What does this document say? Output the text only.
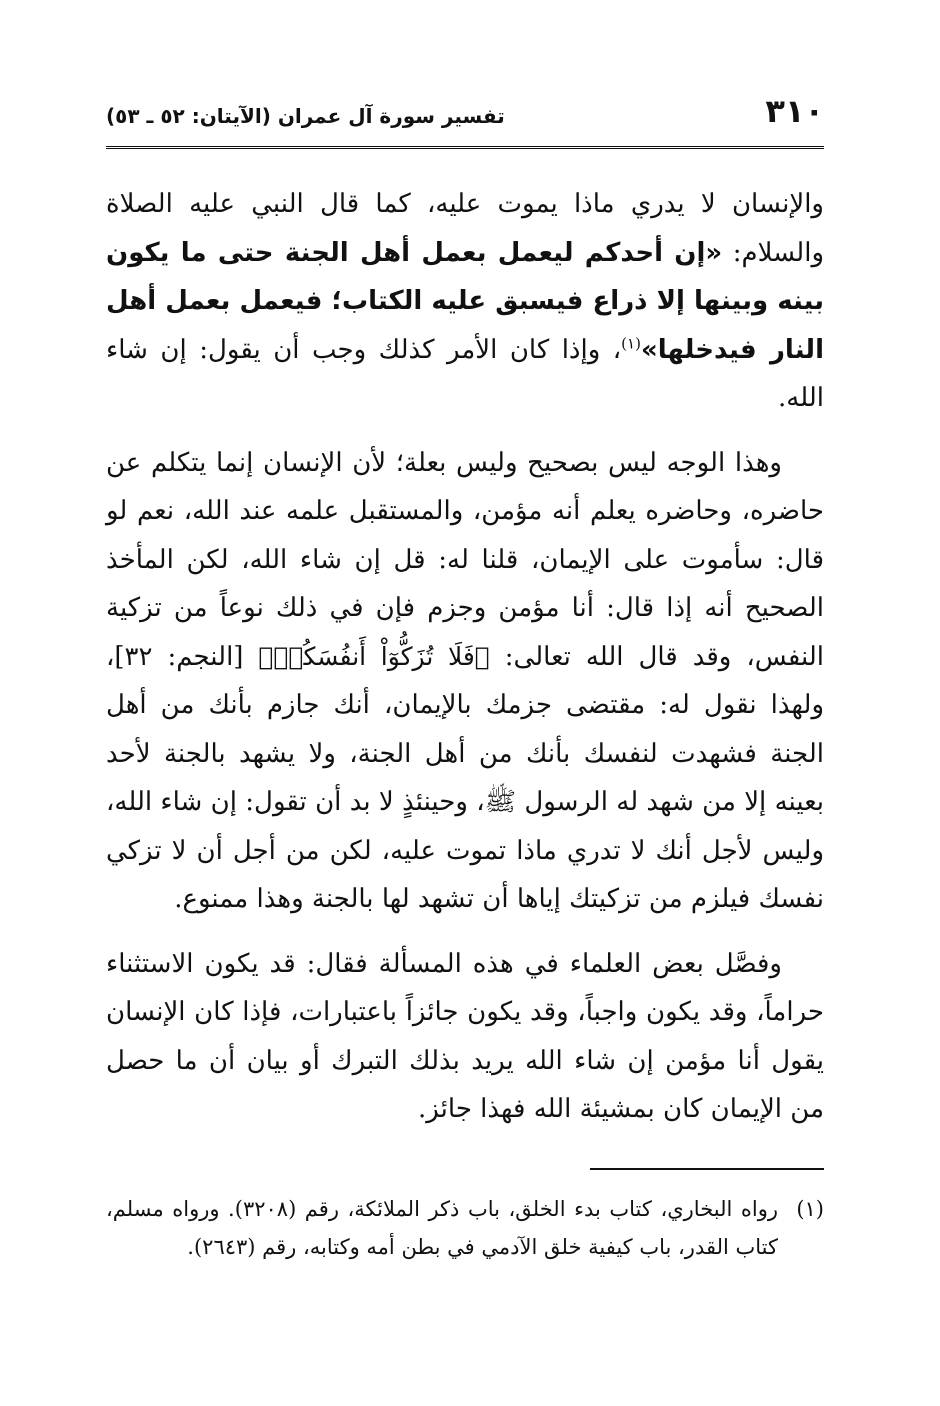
٣١٠
تفسير سورة آل عمران (الآيتان: ٥٢ ـ ٥٣)

والإنسان لا يدري ماذا يموت عليه، كما قال النبي عليه الصلاة والسلام: «إن أحدكم ليعمل بعمل أهل الجنة حتى ما يكون بينه وبينها إلا ذراع فيسبق عليه الكتاب؛ فيعمل بعمل أهل النار فيدخلها»$^{(١)}$، وإذا كان الأمر كذلك وجب أن يقول: إن شاء الله.

وهذا الوجه ليس بصحيح وليس بعلة؛ لأن الإنسان إنما يتكلم عن حاضره، وحاضره يعلم أنه مؤمن، والمستقبل علمه عند الله، نعم لو قال: سأموت على الإيمان، قلنا له: قل إن شاء الله، لكن المأخذ الصحيح أنه إذا قال: أنا مؤمن وجزم فإن في ذلك نوعاً من تزكية النفس، وقد قال الله تعالى: ﴿فَلَا تُزَكُّوٓاْ أَنفُسَكُمۡ﴾ [النجم: ٣٢]، ولهذا نقول له: مقتضى جزمك بالإيمان، أنك جازم بأنك من أهل الجنة فشهدت لنفسك بأنك من أهل الجنة، ولا يشهد بالجنة لأحد بعينه إلا من شهد له الرسول ﷺ، وحينئذٍ لا بد أن تقول: إن شاء الله، وليس لأجل أنك لا تدري ماذا تموت عليه، لكن من أجل أن لا تزكي نفسك فيلزم من تزكيتك إياها أن تشهد لها بالجنة وهذا ممنوع.

وفصَّل بعض العلماء في هذه المسألة فقال: قد يكون الاستثناء حراماً، وقد يكون واجباً، وقد يكون جائزاً باعتبارات، فإذا كان الإنسان يقول أنا مؤمن إن شاء الله يريد بذلك التبرك أو بيان أن ما حصل من الإيمان كان بمشيئة الله فهذا جائز.

(١)
رواه البخاري، كتاب بدء الخلق، باب ذكر الملائكة، رقم (٣٢٠٨). ورواه مسلم، كتاب القدر، باب كيفية خلق الآدمي في بطن أمه وكتابه، رقم (٢٦٤٣).
